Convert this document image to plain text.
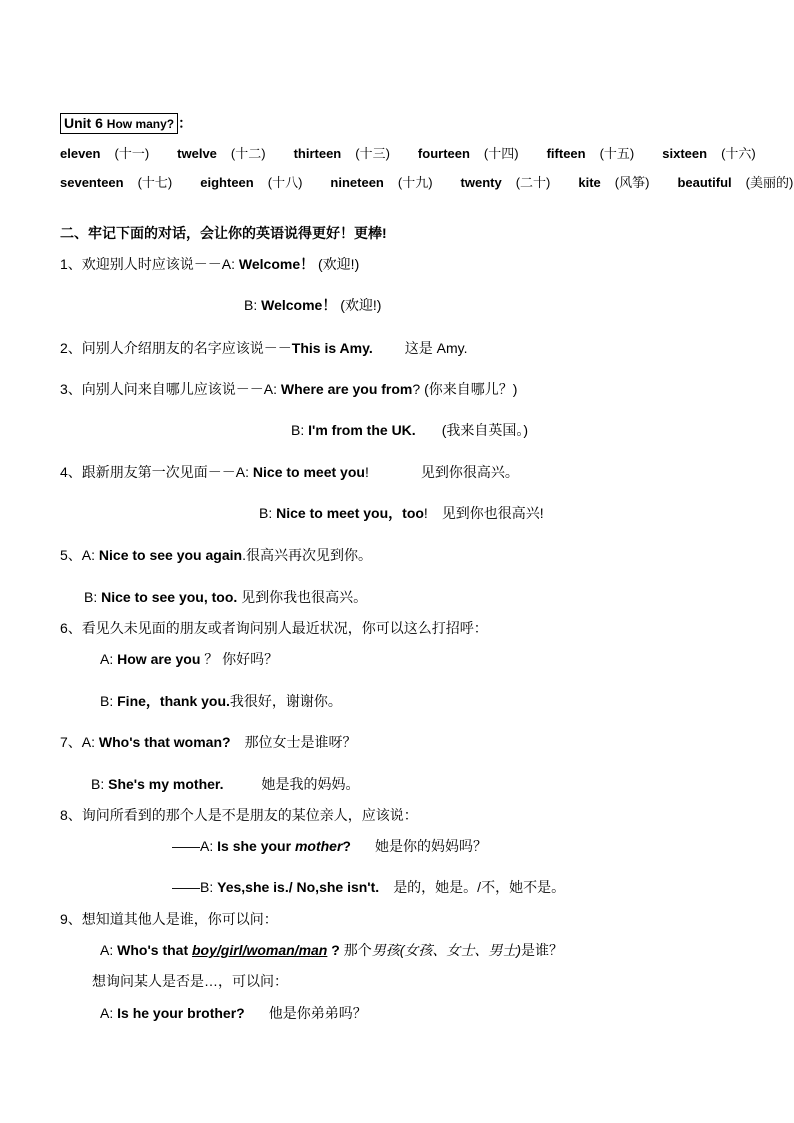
Unit 6 How many? ：
eleven (十一) twelve (十二) thirteen (十三) fourteen(十四) fifteen (十五) sixteen (十六)
seventeen(十七) eighteen (十八) nineteen (十九) twenty (二十) kite (风筝) beautiful (美丽的)
二、牢记下面的对话，会让你的英语说得更好！更棒!
1、欢迎别人时应该说－－A: Welcome！ (欢迎!)
B: Welcome！ (欢迎!)
2、问别人介绍朋友的名字应该说－－This is Amy. 这是 Amy.
3、向别人问来自哪儿应该说－－A: Where are you from? (你来自哪儿？)
B: I'm from the UK. (我来自英国。)
4、跟新朋友第一次见面－－A: Nice to meet you!	见到你很高兴。
B: Nice to meet you，too! 见到你也很高兴!
5、A: Nice to see you again.很高兴再次见到你。
B: Nice to see you, too. 见到你我也很高兴。
6、看见久未见面的朋友或者询问别人最近状况，你可以这么打招呼：
A: How are you ？ 你好吗？
B: Fine，thank you.我很好，谢谢你。
7、A: Who's that woman? 那位女士是谁呀？
B: She's my mother.	她是我的妈妈。
8、询问所看到的那个人是不是朋友的某位亲人，应该说：
——A: Is she your mother? 她是你的妈妈吗？
——B: Yes,she is./ No,she isn't. 是的，她是。/不，她不是。
9、想知道其他人是谁，你可以问：
A: Who's that boy/girl/woman/man ? 那个男孩(女孩、女士、男士)是谁？
想询问某人是否是…，可以问：
A: Is he your brother? 他是你弟弟吗？
